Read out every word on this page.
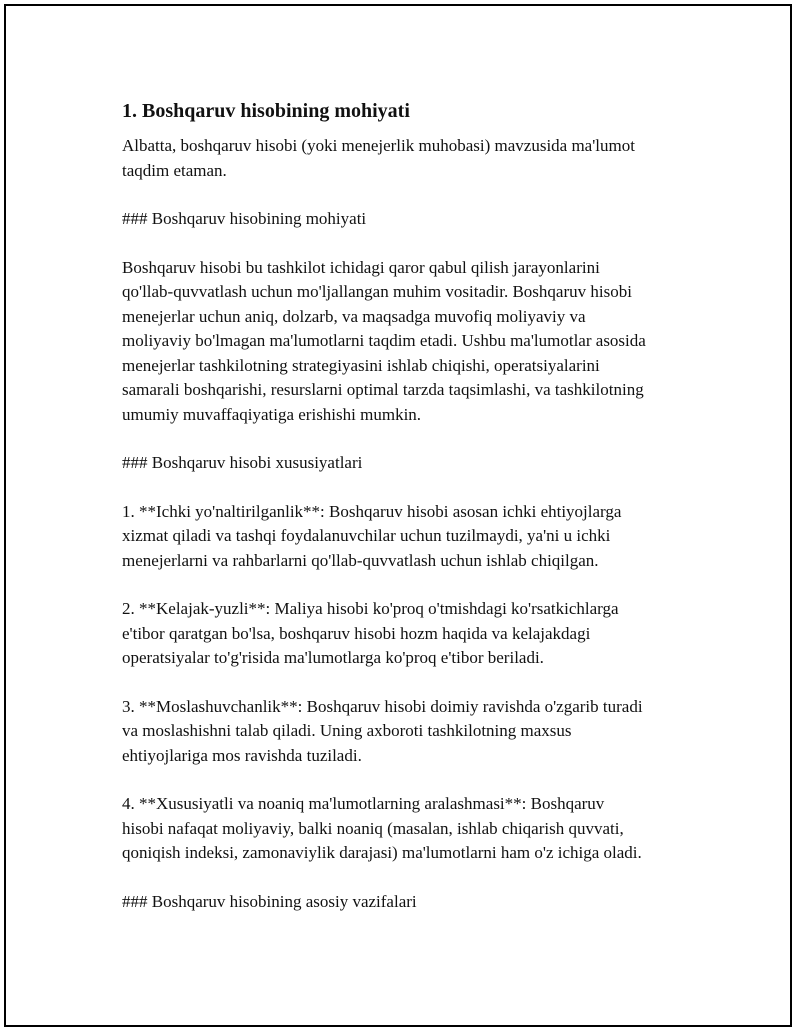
1. Boshqaruv hisobining mohiyati
Albatta, boshqaruv hisobi (yoki menejerlik muhobasi) mavzusida ma'lumot
taqdim etaman.
### Boshqaruv hisobining mohiyati
Boshqaruv hisobi bu tashkilot ichidagi qaror qabul qilish jarayonlarini
qo'llab-quvvatlash uchun mo'ljallangan muhim vositadir. Boshqaruv hisobi
menejerlar uchun aniq, dolzarb, va maqsadga muvofiq moliyaviy va
moliyaviy bo'lmagan ma'lumotlarni taqdim etadi. Ushbu ma'lumotlar asosida
menejerlar tashkilotning strategiyasini ishlab chiqishi, operatsiyalarini
samarali boshqarishi, resurslarni optimal tarzda taqsimlashi, va tashkilotning
umumiy muvaffaqiyatiga erishishi mumkin.
### Boshqaruv hisobi xususiyatlari
1. **Ichki yo'naltirilganlik**: Boshqaruv hisobi asosan ichki ehtiyojlarga
xizmat qiladi va tashqi foydalanuvchilar uchun tuzilmaydi, ya'ni u ichki
menejerlarni va rahbarlarni qo'llab-quvvatlash uchun ishlab chiqilgan.
2. **Kelajak-yuzli**: Maliya hisobi ko'proq o'tmishdagi ko'rsatkichlarga
e'tibor qaratgan bo'lsa, boshqaruv hisobi hozm haqida va kelajakdagi
operatsiyalar to'g'risida ma'lumotlarga ko'proq e'tibor beriladi.
3. **Moslashuvchanlik**: Boshqaruv hisobi doimiy ravishda o'zgarib turadi
va moslashishni talab qiladi. Uning axboroti tashkilotning maxsus
ehtiyojlariga mos ravishda tuziladi.
4. **Xususiyatli va noaniq ma'lumotlarning aralashmasi**: Boshqaruv
hisobi nafaqat moliyaviy, balki noaniq (masalan, ishlab chiqarish quvvati,
qoniqish indeksi, zamonaviylik darajasi) ma'lumotlarni ham o'z ichiga oladi.
### Boshqaruv hisobining asosiy vazifalari
